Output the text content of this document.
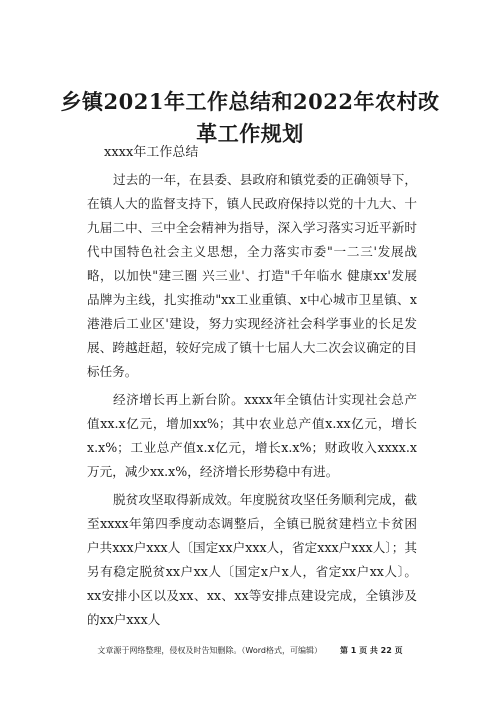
乡镇2021年工作总结和2022年农村改革工作规划
xxxx年工作总结

过去的一年，在县委、县政府和镇党委的正确领导下，在镇人大的监督支持下，镇人民政府保持以党的十九大、十九届二中、三中全会精神为指导，深入学习落实习近平新时代中国特色社会主义思想，全力落实市委"一二三'发展战略，以加快"建三圈 兴三业'、打造"千年临水 健康xx'发展品牌为主线，扎实推动"xx工业重镇、x中心城市卫星镇、x港港后工业区'建设，努力实现经济社会科学事业的长足发展、跨越赶超，较好完成了镇十七届人大二次会议确定的目标任务。

经济增长再上新台阶。xxxx年全镇估计实现社会总产值xx.x亿元，增加xx%；其中农业总产值x.xx亿元，增长x.x%；工业总产值x.x亿元，增长x.x%；财政收入xxxx.x万元，减少xx.x%，经济增长形势稳中有进。

脱贫攻坚取得新成效。年度脱贫攻坚任务顺利完成，截至xxxx年第四季度动态调整后，全镇已脱贫建档立卡贫困户共xxx户xxx人〔国定xx户xxx人，省定xxx户xxx人〕；其另有稳定脱贫xx户xx人〔国定x户x人，省定xx户xx人〕。xx安排小区以及xx、xx、xx等安排点建设完成，全镇涉及的xx户xxx人

文章源于网络整理，侵权及时告知删除。（Word格式，可编辑） 第 1 页 共 22 页
